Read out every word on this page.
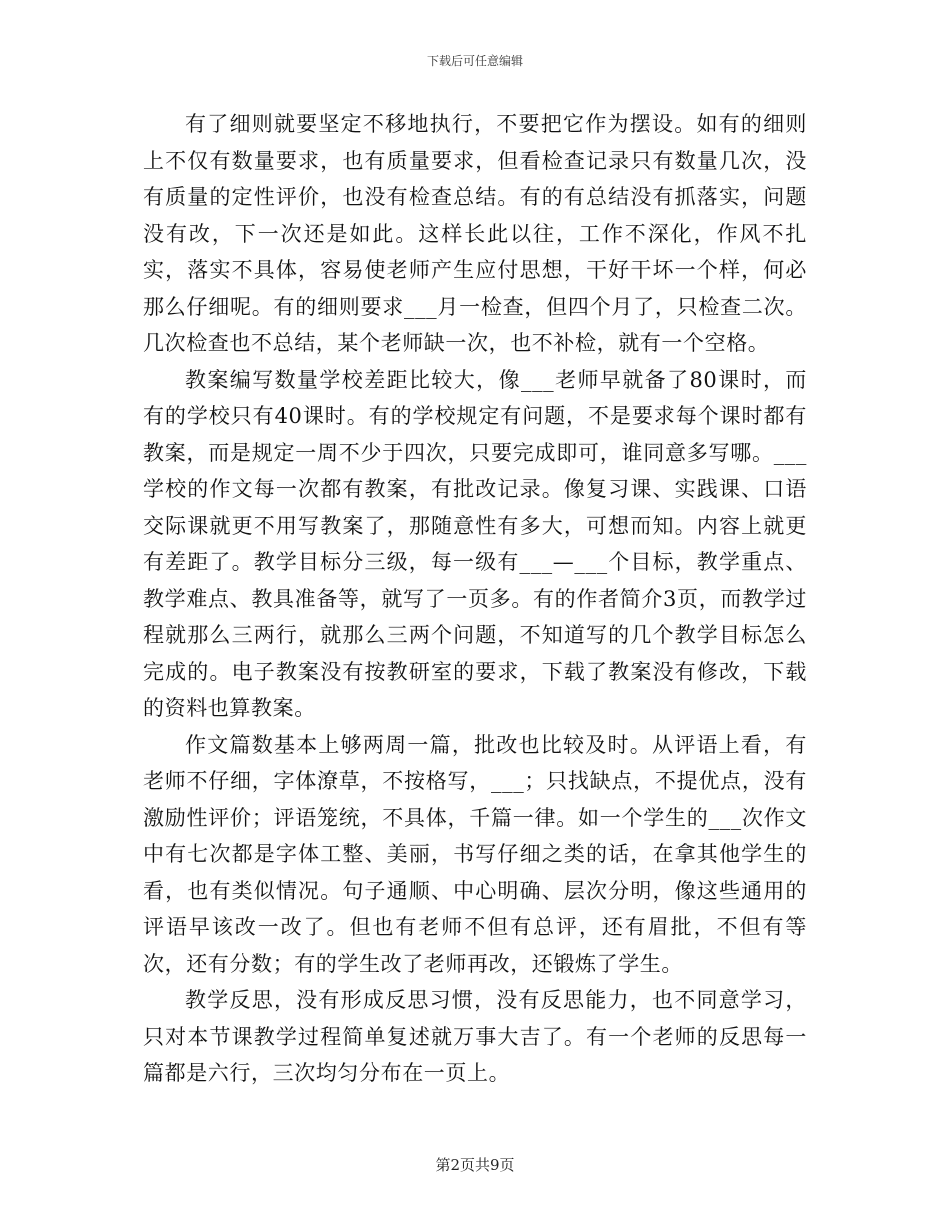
下载后可任意编辑

有了细则就要坚定不移地执行，不要把它作为摆设。如有的细则上不仅有数量要求，也有质量要求，但看检查记录只有数量几次，没有质量的定性评价，也没有检查总结。有的有总结没有抓落实，问题没有改，下一次还是如此。这样长此以往，工作不深化，作风不扎实，落实不具体，容易使老师产生应付思想，干好干坏一个样，何必那么仔细呢。有的细则要求___月一检查，但四个月了，只检查二次。几次检查也不总结，某个老师缺一次，也不补检，就有一个空格。

教案编写数量学校差距比较大，像___老师早就备了80课时，而有的学校只有40课时。有的学校规定有问题，不是要求每个课时都有教案，而是规定一周不少于四次，只要完成即可，谁同意多写哪。___学校的作文每一次都有教案，有批改记录。像复习课、实践课、口语交际课就更不用写教案了，那随意性有多大，可想而知。内容上就更有差距了。教学目标分三级，每一级有___—___个目标，教学重点、教学难点、教具准备等，就写了一页多。有的作者简介3页，而教学过程就那么三两行，就那么三两个问题，不知道写的几个教学目标怎么完成的。电子教案没有按教研室的要求，下载了教案没有修改，下载的资料也算教案。

作文篇数基本上够两周一篇，批改也比较及时。从评语上看，有老师不仔细，字体潦草，不按格写，___；只找缺点，不提优点，没有激励性评价；评语笼统，不具体，千篇一律。如一个学生的___次作文中有七次都是字体工整、美丽，书写仔细之类的话，在拿其他学生的看，也有类似情况。句子通顺、中心明确、层次分明，像这些通用的评语早该改一改了。但也有老师不但有总评，还有眉批，不但有等次，还有分数；有的学生改了老师再改，还锻炼了学生。

教学反思，没有形成反思习惯，没有反思能力，也不同意学习，只对本节课教学过程简单复述就万事大吉了。有一个老师的反思每一篇都是六行，三次均匀分布在一页上。

第2页共9页
